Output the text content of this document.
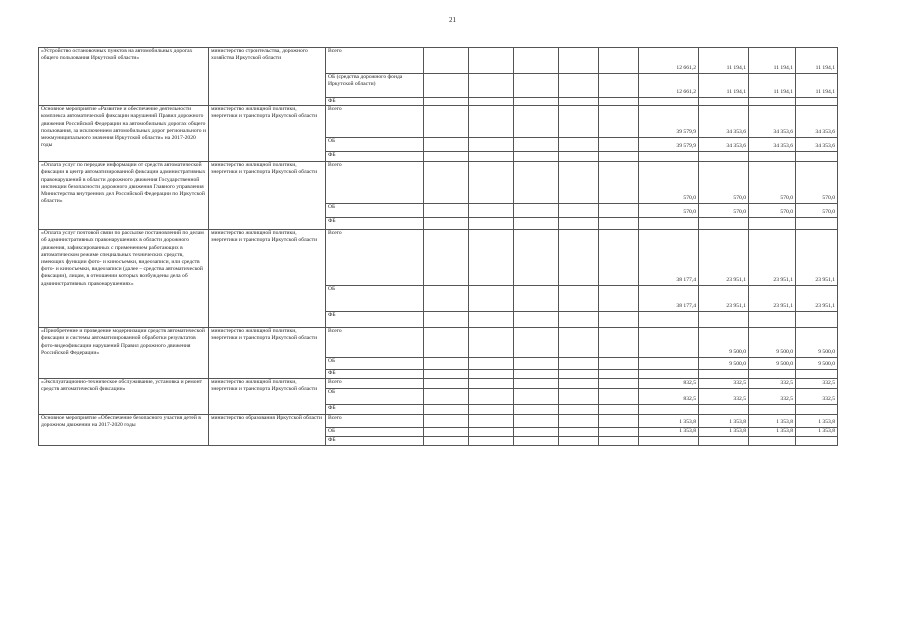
21
«Устройство остановочных пунктов на автомобильных дорогах общего пользования Иркутской области»	министерство строительства, дорожного хозяйства Иркутской области	Всего						12 661,2	11 194,1	11 194,1	11 194,1
		ОБ (средства дорожного фонда Иркутской области)						12 661,2	11 194,1	11 194,1	11 194,1
		ФБ									
Основное мероприятие «Развитие и обеспечение деятельности комплекса автоматической фиксации нарушений Правил дорожного движения Российской Федерации на автомобильных дорогах общего пользования, за исключением автомобильных дорог регионального и межмуниципального значения Иркутской области» на 2017-2020 годы	министерство жилищной политики, энергетики и транспорта Иркутской области	Всего						39 579,9	34 353,6	34 353,6	34 353,6
		ОБ						39 579,9	34 353,6	34 353,6	34 353,6
		ФБ									
«Оплата услуг по передаче информации от средств автоматической фиксации в центр автоматизированной фиксации административных правонарушений в области дорожного движения Государственной инспекции безопасности дорожного движения Главного управления Министерства внутренних дел Российской Федерации по Иркутской области»	министерство жилищной политики, энергетики и транспорта Иркутской области	Всего						570,0	570,0	570,0	570,0
		ОБ						570,0	570,0	570,0	570,0
		ФБ									
«Оплата услуг почтовой связи по рассылке постановлений по делам об административных правонарушениях в области дорожного движения, зафиксированных с применением работающих в автоматическом режиме специальных технических средств, имеющих функции фото- и киносъемки, видеозаписи, или средств фото- и киносъемки, видеозаписи (далее – средства автоматической фиксации), лицам, в отношении которых возбуждены дела об административных правонарушениях»	министерство жилищной политики, энергетики и транспорта Иркутской области	Всего						38 177,4	23 951,1	23 951,1	23 951,1
		ОБ						38 177,4	23 951,1	23 951,1	23 951,1
		ФБ									
«Приобретение и проведение модернизации средств автоматической фиксации и системы автоматизированной обработки результатов фото-видеофиксации нарушений Правил дорожного движения Российской Федерации»	министерство жилищной политики, энергетики и транспорта Иркутской области	Всего							9 500,0	9 500,0	9 500,0
		ОБ							9 500,0	9 500,0	9 500,0
		ФБ									
«Эксплуатационно-техническое обслуживание, установка и ремонт средств автоматической фиксации»	министерство жилищной политики, энергетики и транспорта Иркутской области	Всего						832,5	332,5	332,5	332,5
		ОБ						832,5	332,5	332,5	332,5
		ФБ									
Основное мероприятие «Обеспечение безопасного участия детей в дорожном движении на 2017-2020 годы	министерство образования Иркутской области	Всего						1 353,8	1 353,8	1 353,8	1 353,8
		ОБ						1 353,8	1 353,8	1 353,8	1 353,8
		ФБ									
